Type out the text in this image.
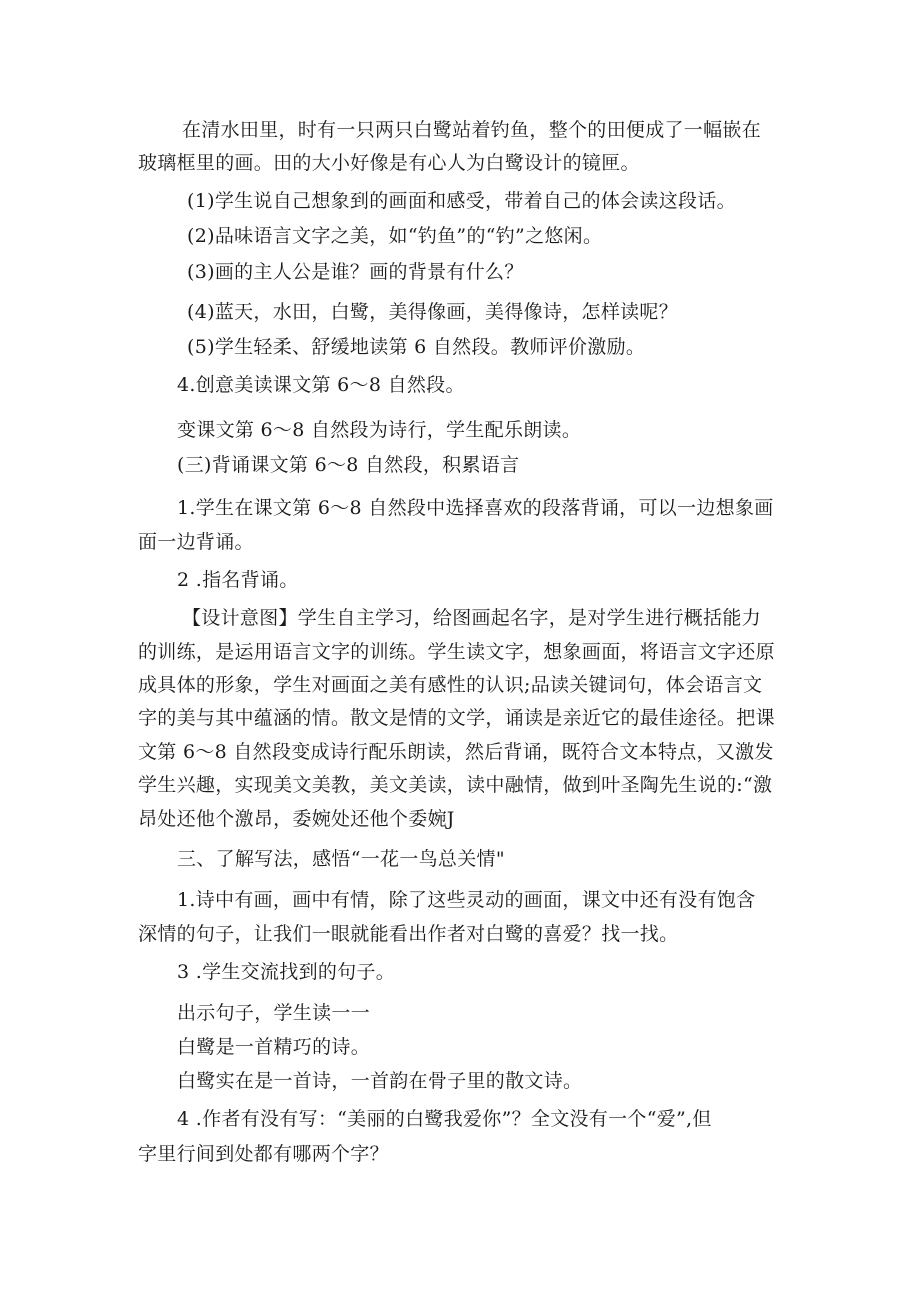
在清水田里，时有一只两只白鹭站着钓鱼，整个的田便成了一幅嵌在
玻璃框里的画。田的大小好像是有心人为白鹭设计的镜匣。
(1)学生说自己想象到的画面和感受，带着自己的体会读这段话。
(2)品味语言文字之美，如“钓鱼”的“钓”之悠闲。
(3)画的主人公是谁？画的背景有什么？
(4)蓝天，水田，白鹭，美得像画，美得像诗，怎样读呢？
(5)学生轻柔、舒缓地读第 6 自然段。教师评价激励。
4.创意美读课文第 6〜8 自然段。
变课文第 6〜8 自然段为诗行，学生配乐朗读。
(三)背诵课文第 6〜8 自然段，积累语言
1.学生在课文第 6〜8 自然段中选择喜欢的段落背诵，可以一边想象画
面一边背诵。
2 .指名背诵。
【设计意图】学生自主学习，给图画起名字，是对学生进行概括能力
的训练，是运用语言文字的训练。学生读文字，想象画面，将语言文字还原
成具体的形象，学生对画面之美有感性的认识;品读关键词句，体会语言文
字的美与其中蕴涵的情。散文是情的文学，诵读是亲近它的最佳途径。把课
文第 6〜8 自然段变成诗行配乐朗读，然后背诵，既符合文本特点，又激发
学生兴趣，实现美文美教，美文美读，读中融情，做到叶圣陶先生说的:“激
昂处还他个激昂，委婉处还他个委婉J
三、了解写法，感悟“一花一鸟总关情"
1.诗中有画，画中有情，除了这些灵动的画面，课文中还有没有饱含
深情的句子，让我们一眼就能看出作者对白鹭的喜爱？找一找。
3 .学生交流找到的句子。
出示句子，学生读一一
白鹭是一首精巧的诗。
白鹭实在是一首诗，一首韵在骨子里的散文诗。
4 .作者有没有写：“美丽的白鹭我爱你”？全文没有一个“爱”,但
字里行间到处都有哪两个字？
